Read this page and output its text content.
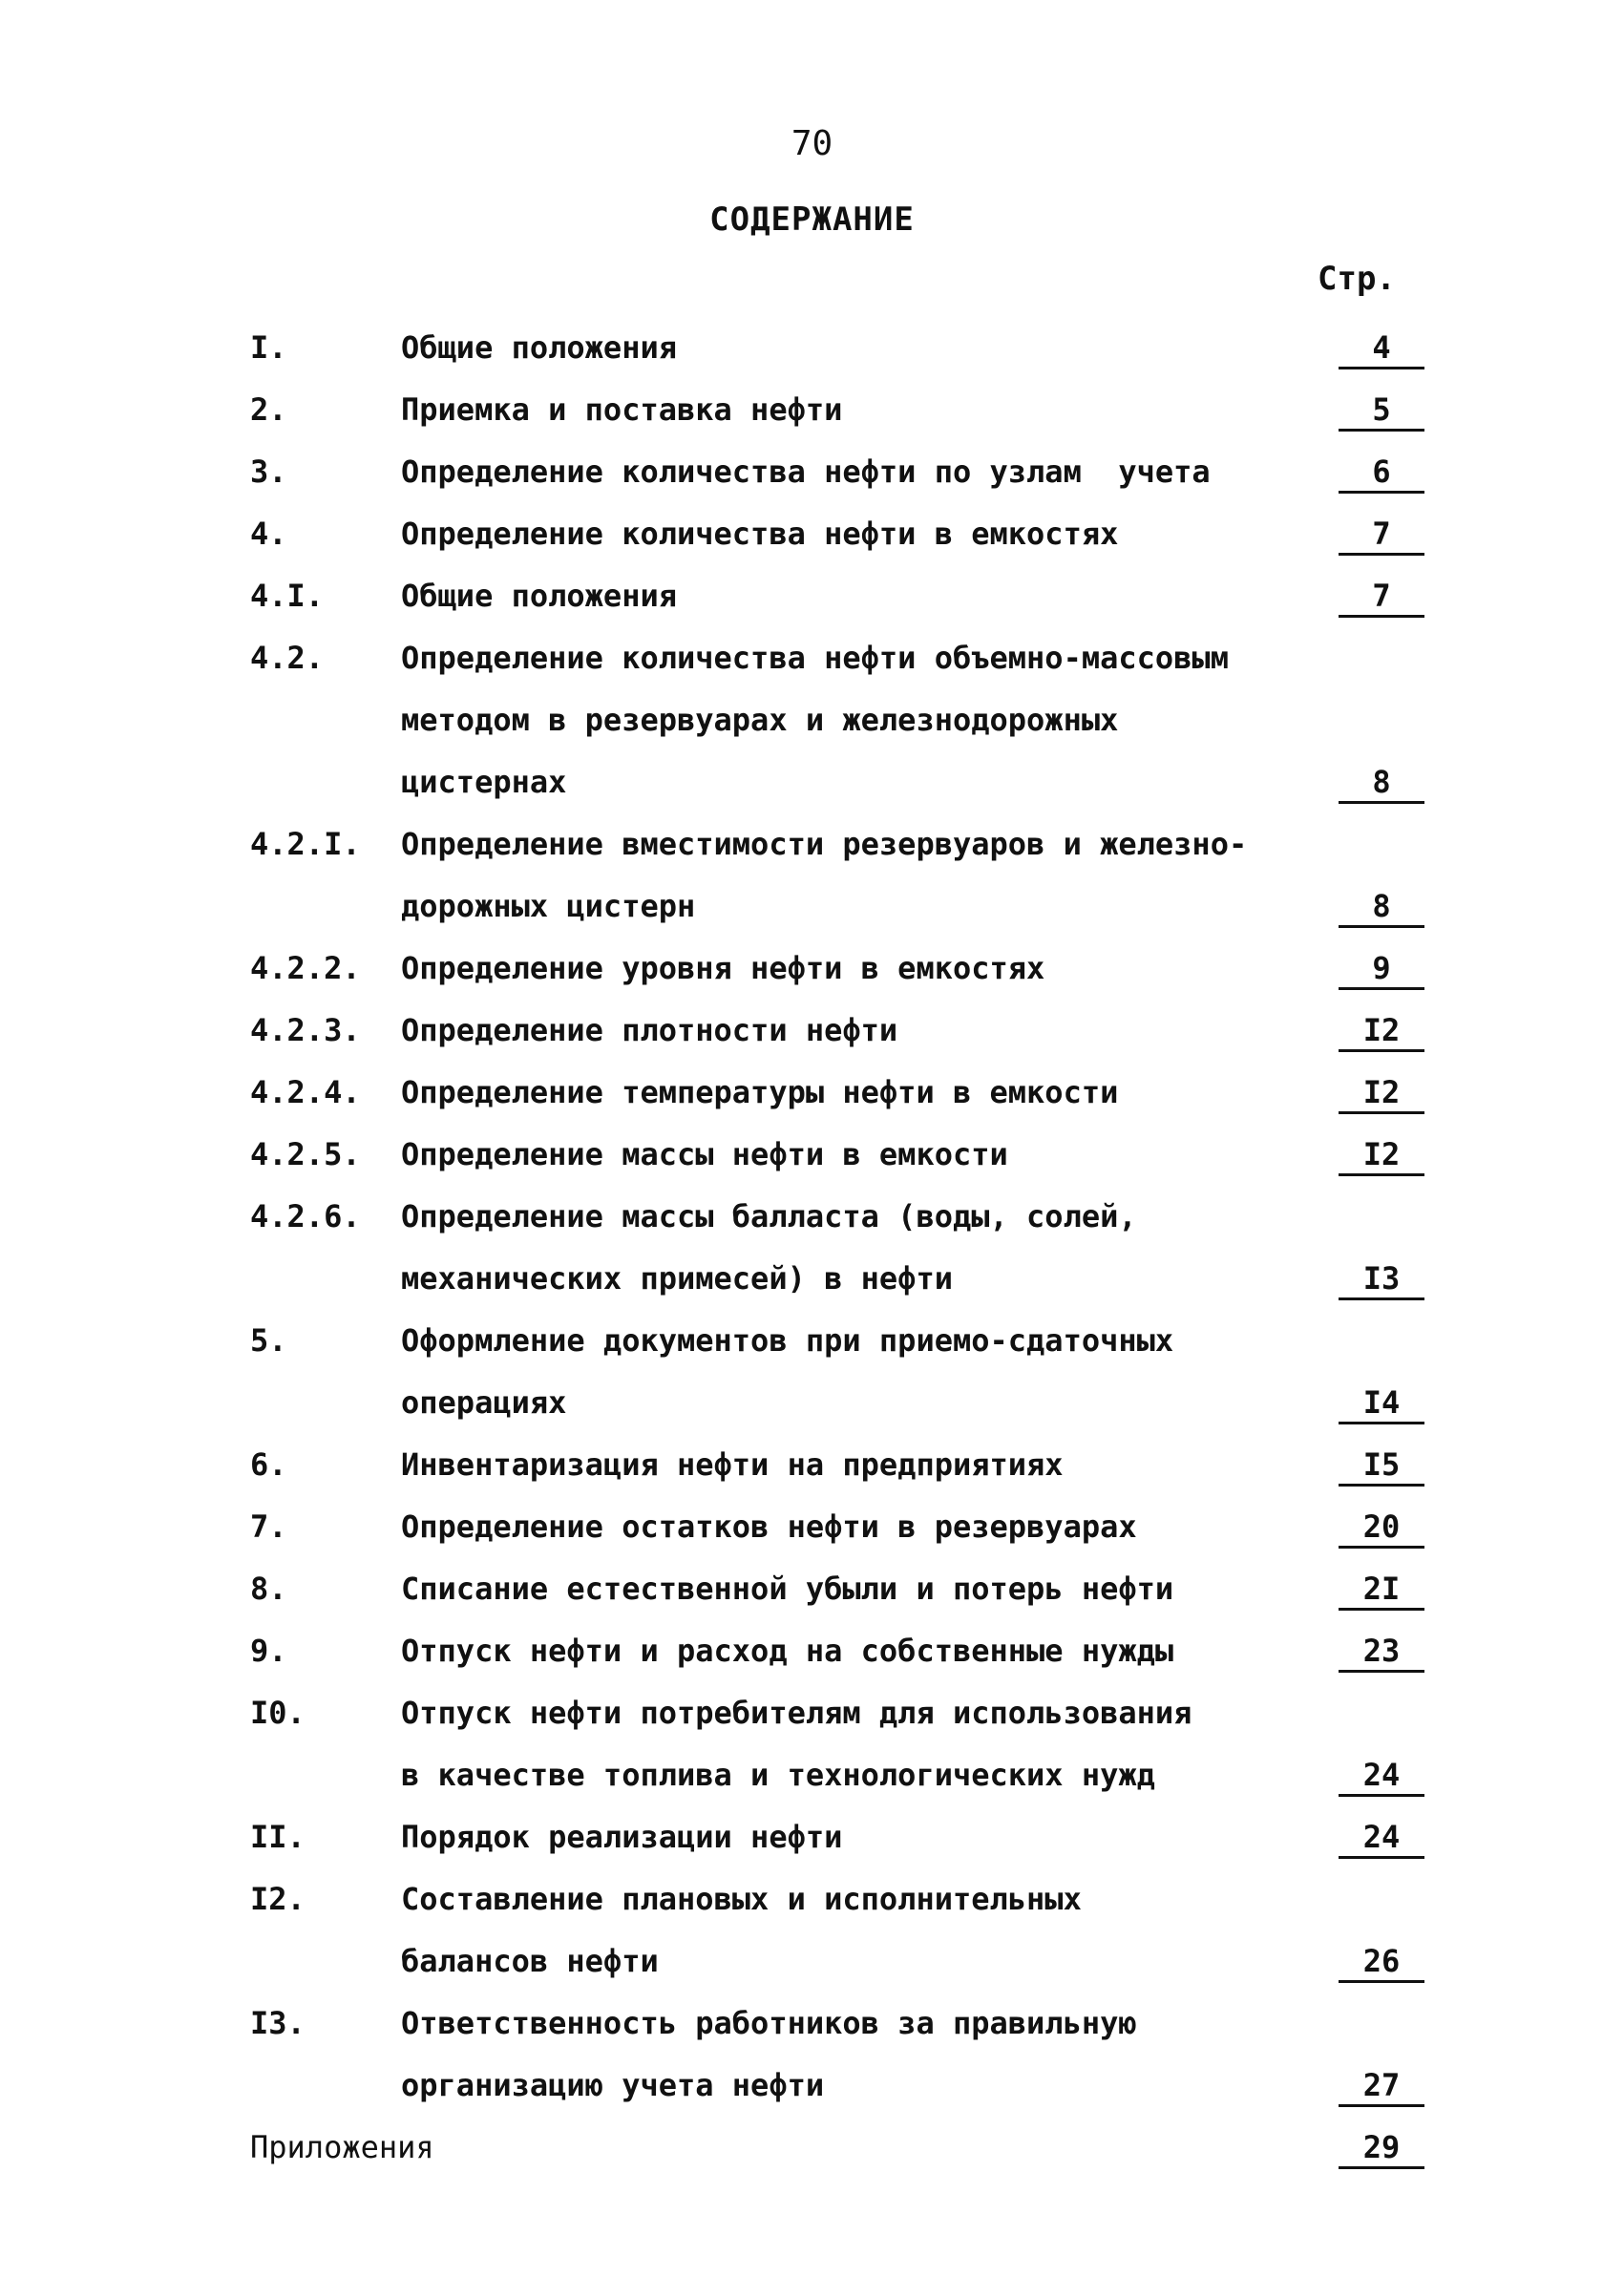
70
СОДЕРЖАНИЕ
Стр.
I.	Общие положения	4
2.	Приемка и поставка нефти	5
3.	Определение количества нефти по узлам  учета	6
4.	Определение количества нефти в емкостях	7
4.I.	Общие положения	7
4.2.	Определение количества нефти объемно-массовым
методом в резервуарах и железнодорожных
цистернах	8
4.2.I.	Определение вместимости резервуаров и железно-
дорожных цистерн	8
4.2.2.	Определение уровня нефти в емкостях	9
4.2.3.	Определение плотности нефти	I2
4.2.4.	Определение температуры нефти в емкости	I2
4.2.5.	Определение массы нефти в емкости	I2
4.2.6.	Определение массы балласта (воды, солей,
механических примесей) в нефти	I3
5.	Оформление документов при приемо-сдаточных
операциях	I4
6.	Инвентаризация нефти на предприятиях	I5
7.	Определение остатков нефти в резервуарах	20
8.	Списание естественной убыли и потерь нефти	2I
9.	Отпуск нефти и расход на собственные нужды	23
I0.	Отпуск нефти потребителям для использования
в качестве топлива и технологических нужд	24
II.	Порядок реализации нефти	24
I2.	Составление плановых и исполнительных
балансов нефти	26
I3.	Ответственность работников за правильную
организацию учета нефти	27
Приложения	29
